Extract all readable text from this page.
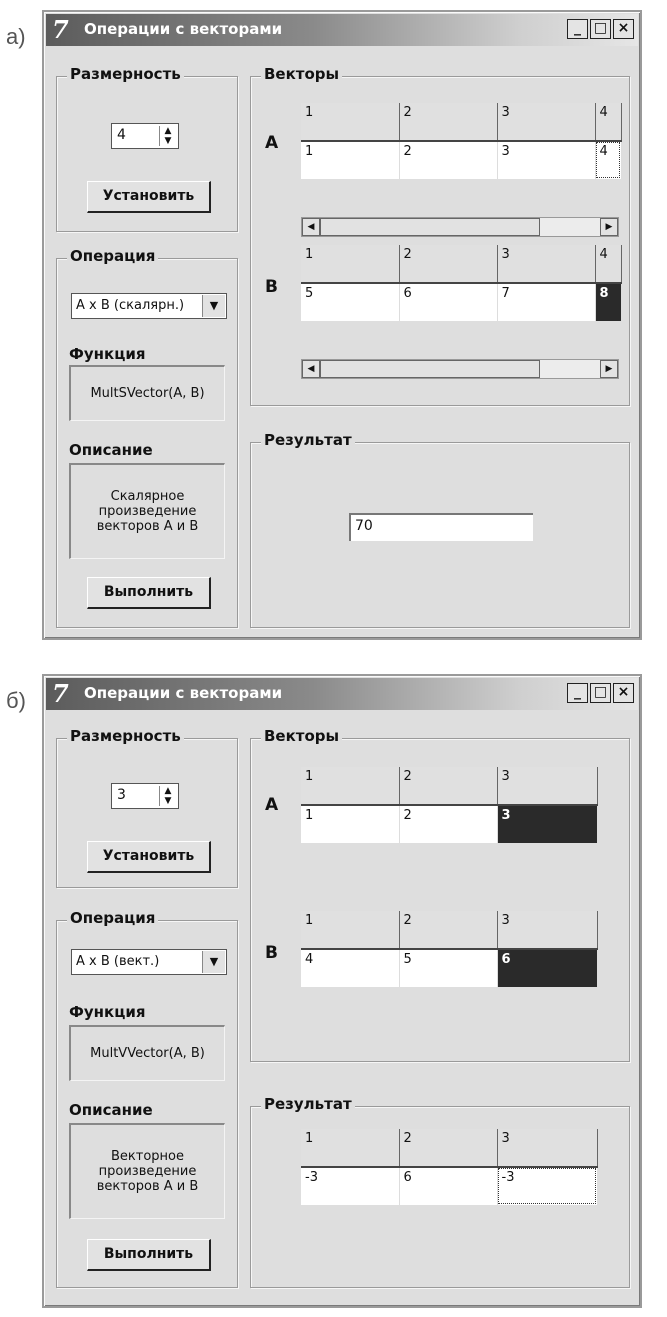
а) 7	Операции с векторами	_ □ ×
Размерность
4	▲
▼
Установить
Операция
A x B (скалярн.)	▼
Функция
MultSVector(A, B)
Описание
Скалярное произведение векторов A и B
Выполнить
Векторы
A
1	2	3	4
1	2	3	4
◀	▶
B
1	2	3	4
5	6	7	8
◀	▶
Результат
70
б) 7	Операции с векторами	_ □ ×
Размерность
3	▲
▼
Установить
Операция
A x B (вект.)	▼
Функция
MultVVector(A, B)
Описание
Векторное произведение векторов A и B
Выполнить
Векторы
A
1	2	3
1	2	3
B
1	2	3
4	5	6
Результат
1	2	3
-3	6	-3
